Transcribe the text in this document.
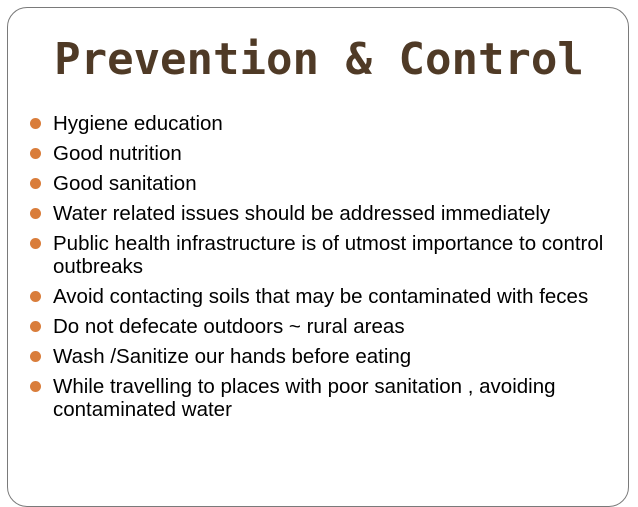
Prevention & Control
Hygiene education
Good nutrition
Good sanitation
Water related issues should be addressed immediately
Public health infrastructure is of utmost importance to control outbreaks
Avoid contacting soils that may be contaminated with feces
Do not defecate outdoors ~ rural areas
Wash /Sanitize our hands before eating
While travelling to places with poor sanitation , avoiding contaminated water
